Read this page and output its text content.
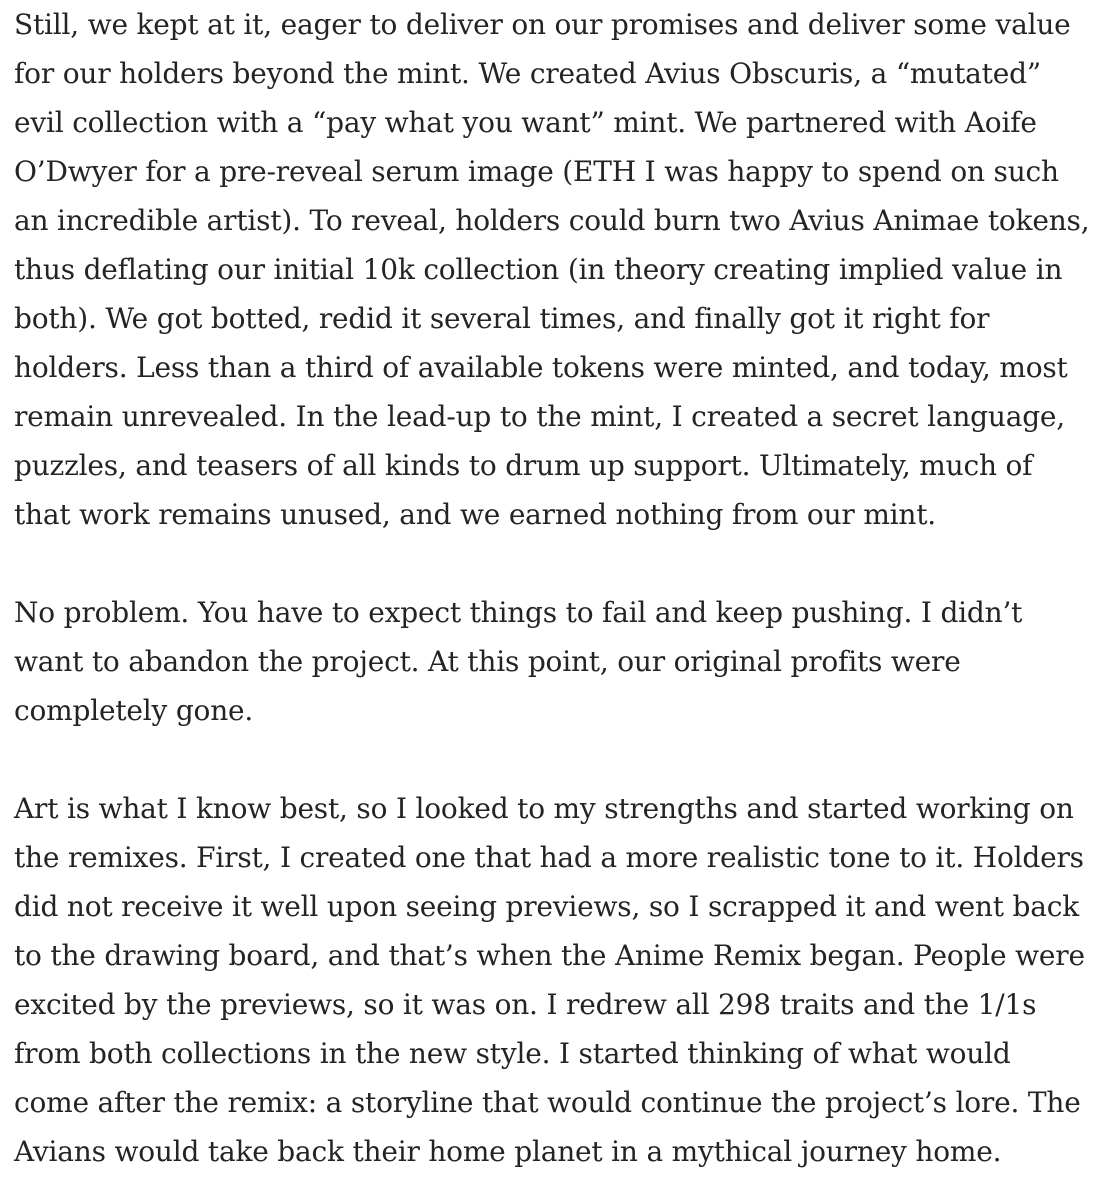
Still, we kept at it, eager to deliver on our promises and deliver some value for our holders beyond the mint. We created Avius Obscuris, a “mutated” evil collection with a “pay what you want” mint. We partnered with Aoife O’Dwyer for a pre-reveal serum image (ETH I was happy to spend on such an incredible artist). To reveal, holders could burn two Avius Animae tokens, thus deflating our initial 10k collection (in theory creating implied value in both). We got botted, redid it several times, and finally got it right for holders. Less than a third of available tokens were minted, and today, most remain unrevealed. In the lead-up to the mint, I created a secret language, puzzles, and teasers of all kinds to drum up support. Ultimately, much of that work remains unused, and we earned nothing from our mint.

No problem. You have to expect things to fail and keep pushing. I didn’t want to abandon the project. At this point, our original profits were completely gone.

Art is what I know best, so I looked to my strengths and started working on the remixes. First, I created one that had a more realistic tone to it. Holders did not receive it well upon seeing previews, so I scrapped it and went back to the drawing board, and that’s when the Anime Remix began. People were excited by the previews, so it was on. I redrew all 298 traits and the 1/1s from both collections in the new style. I started thinking of what would come after the remix: a storyline that would continue the project’s lore. The Avians would take back their home planet in a mythical journey home.
